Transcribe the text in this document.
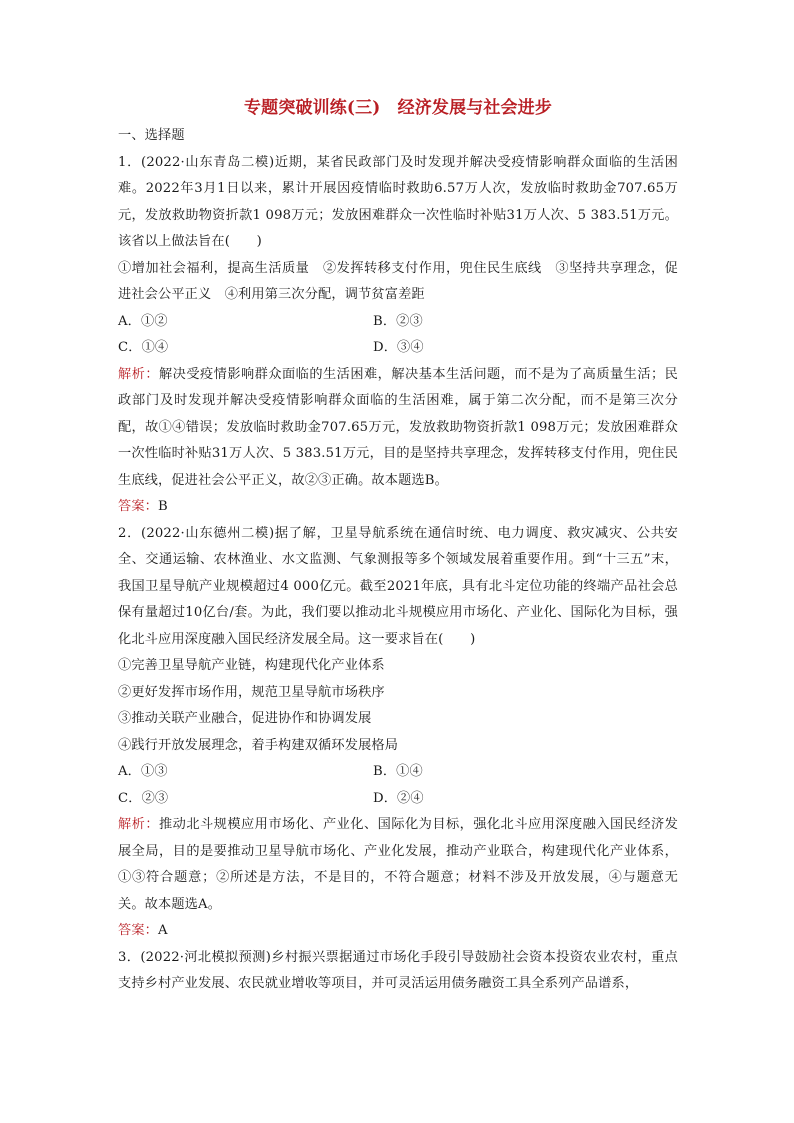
专题突破训练(三)　经济发展与社会进步

一、选择题

1．(2022·山东青岛二模)近期，某省民政部门及时发现并解决受疫情影响群众面临的生活困难。2022年3月1日以来，累计开展因疫情临时救助6.57万人次，发放临时救助金707.65万元，发放救助物资折款1 098万元；发放困难群众一次性临时补贴31万人次、5 383.51万元。该省以上做法旨在(　　)

①增加社会福利，提高生活质量　②发挥转移支付作用，兜住民生底线　③坚持共享理念，促进社会公平正义　④利用第三次分配，调节贫富差距

A．①②	B．②③
C．①④	D．③④

解析：解决受疫情影响群众面临的生活困难，解决基本生活问题，而不是为了高质量生活；民政部门及时发现并解决受疫情影响群众面临的生活困难，属于第二次分配，而不是第三次分配，故①④错误；发放临时救助金707.65万元，发放救助物资折款1 098万元；发放困难群众一次性临时补贴31万人次、5 383.51万元，目的是坚持共享理念，发挥转移支付作用，兜住民生底线，促进社会公平正义，故②③正确。故本题选B。

答案：B

2．(2022·山东德州二模)据了解，卫星导航系统在通信时统、电力调度、救灾减灾、公共安全、交通运输、农林渔业、水文监测、气象测报等多个领域发展着重要作用。到“十三五”末，我国卫星导航产业规模超过4 000亿元。截至2021年底，具有北斗定位功能的终端产品社会总保有量超过10亿台/套。为此，我们要以推动北斗规模应用市场化、产业化、国际化为目标，强化北斗应用深度融入国民经济发展全局。这一要求旨在(　　)

①完善卫星导航产业链，构建现代化产业体系

②更好发挥市场作用，规范卫星导航市场秩序

③推动关联产业融合，促进协作和协调发展

④践行开放发展理念，着手构建双循环发展格局

A．①③	B．①④
C．②③	D．②④

解析：推动北斗规模应用市场化、产业化、国际化为目标，强化北斗应用深度融入国民经济发展全局，目的是要推动卫星导航市场化、产业化发展，推动产业联合，构建现代化产业体系，①③符合题意；②所述是方法，不是目的，不符合题意；材料不涉及开放发展，④与题意无关。故本题选A。

答案：A

3．(2022·河北模拟预测)乡村振兴票据通过市场化手段引导鼓励社会资本投资农业农村，重点支持乡村产业发展、农民就业增收等项目，并可灵活运用债务融资工具全系列产品谱系，
